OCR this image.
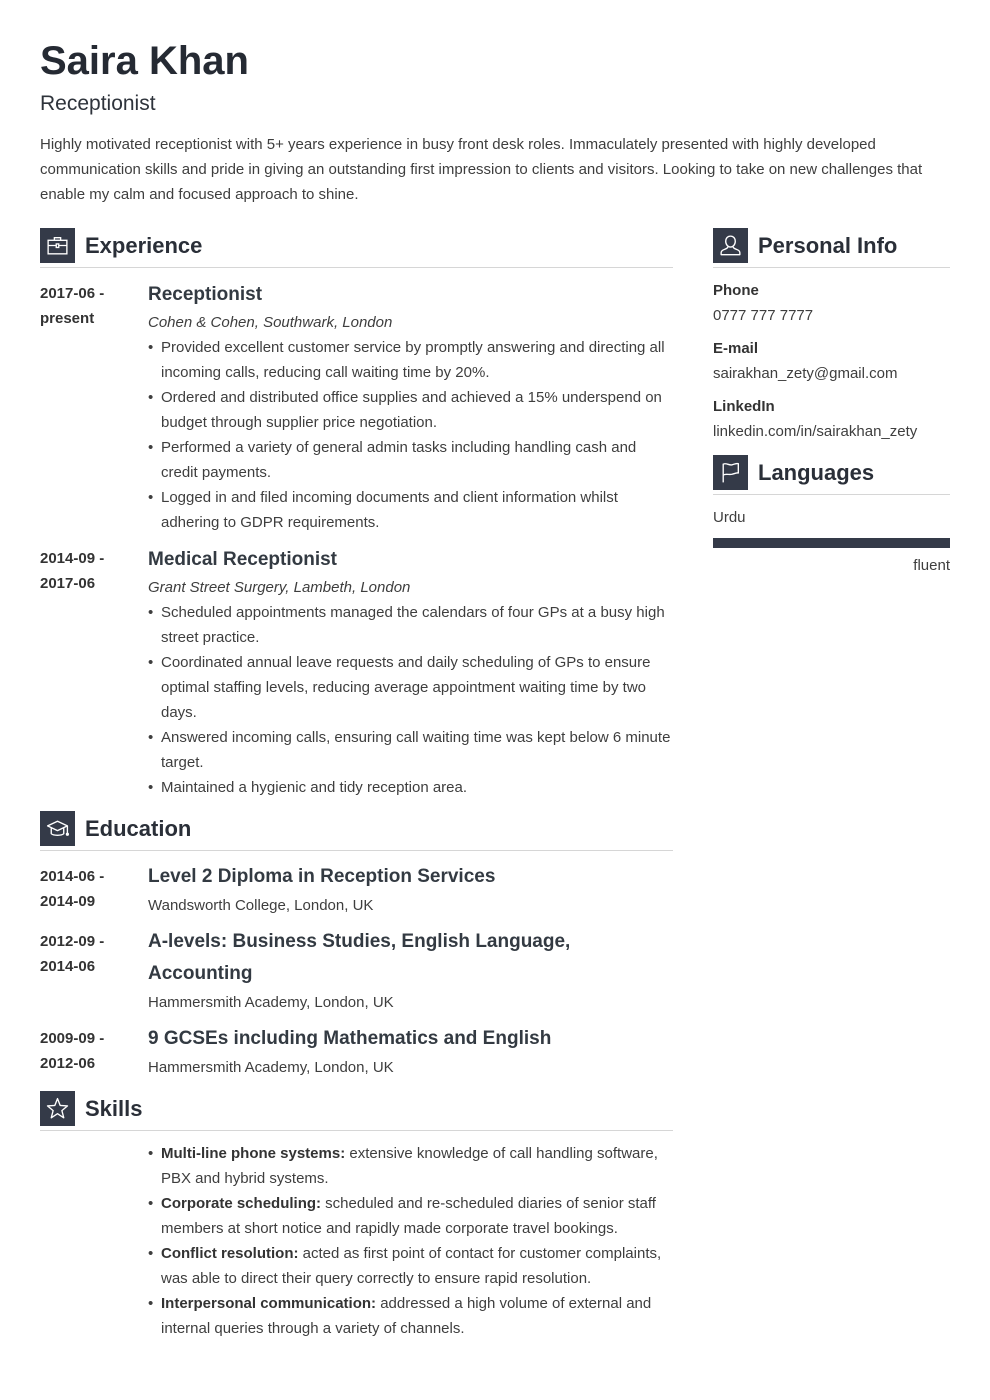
Saira Khan
Receptionist
Highly motivated receptionist with 5+ years experience in busy front desk roles. Immaculately presented with highly developed communication skills and pride in giving an outstanding first impression to clients and visitors. Looking to take on new challenges that enable my calm and focused approach to shine.
Experience
2017-06 -
present
Receptionist
Cohen & Cohen, Southwark, London
• Provided excellent customer service by promptly answering and directing all incoming calls, reducing call waiting time by 20%.
• Ordered and distributed office supplies and achieved a 15% underspend on budget through supplier price negotiation.
• Performed a variety of general admin tasks including handling cash and credit payments.
• Logged in and filed incoming documents and client information whilst adhering to GDPR requirements.
2014-09 -
2017-06
Medical Receptionist
Grant Street Surgery, Lambeth, London
• Scheduled appointments managed the calendars of four GPs at a busy high street practice.
• Coordinated annual leave requests and daily scheduling of GPs to ensure optimal staffing levels, reducing average appointment waiting time by two days.
• Answered incoming calls, ensuring call waiting time was kept below 6 minute target.
• Maintained a hygienic and tidy reception area.
Education
2014-06 -
2014-09
Level 2 Diploma in Reception Services
Wandsworth College, London, UK
2012-09 -
2014-06
A-levels: Business Studies, English Language, Accounting
Hammersmith Academy, London, UK
2009-09 -
2012-06
9 GCSEs including Mathematics and English
Hammersmith Academy, London, UK
Skills
• Multi-line phone systems: extensive knowledge of call handling software, PBX and hybrid systems.
• Corporate scheduling: scheduled and re-scheduled diaries of senior staff members at short notice and rapidly made corporate travel bookings.
• Conflict resolution: acted as first point of contact for customer complaints, was able to direct their query correctly to ensure rapid resolution.
• Interpersonal communication: addressed a high volume of external and internal queries through a variety of channels.
Personal Info
Phone
0777 777 7777
E-mail
sairakhan_zety@gmail.com
LinkedIn
linkedin.com/in/sairakhan_zety
Languages
Urdu
fluent
